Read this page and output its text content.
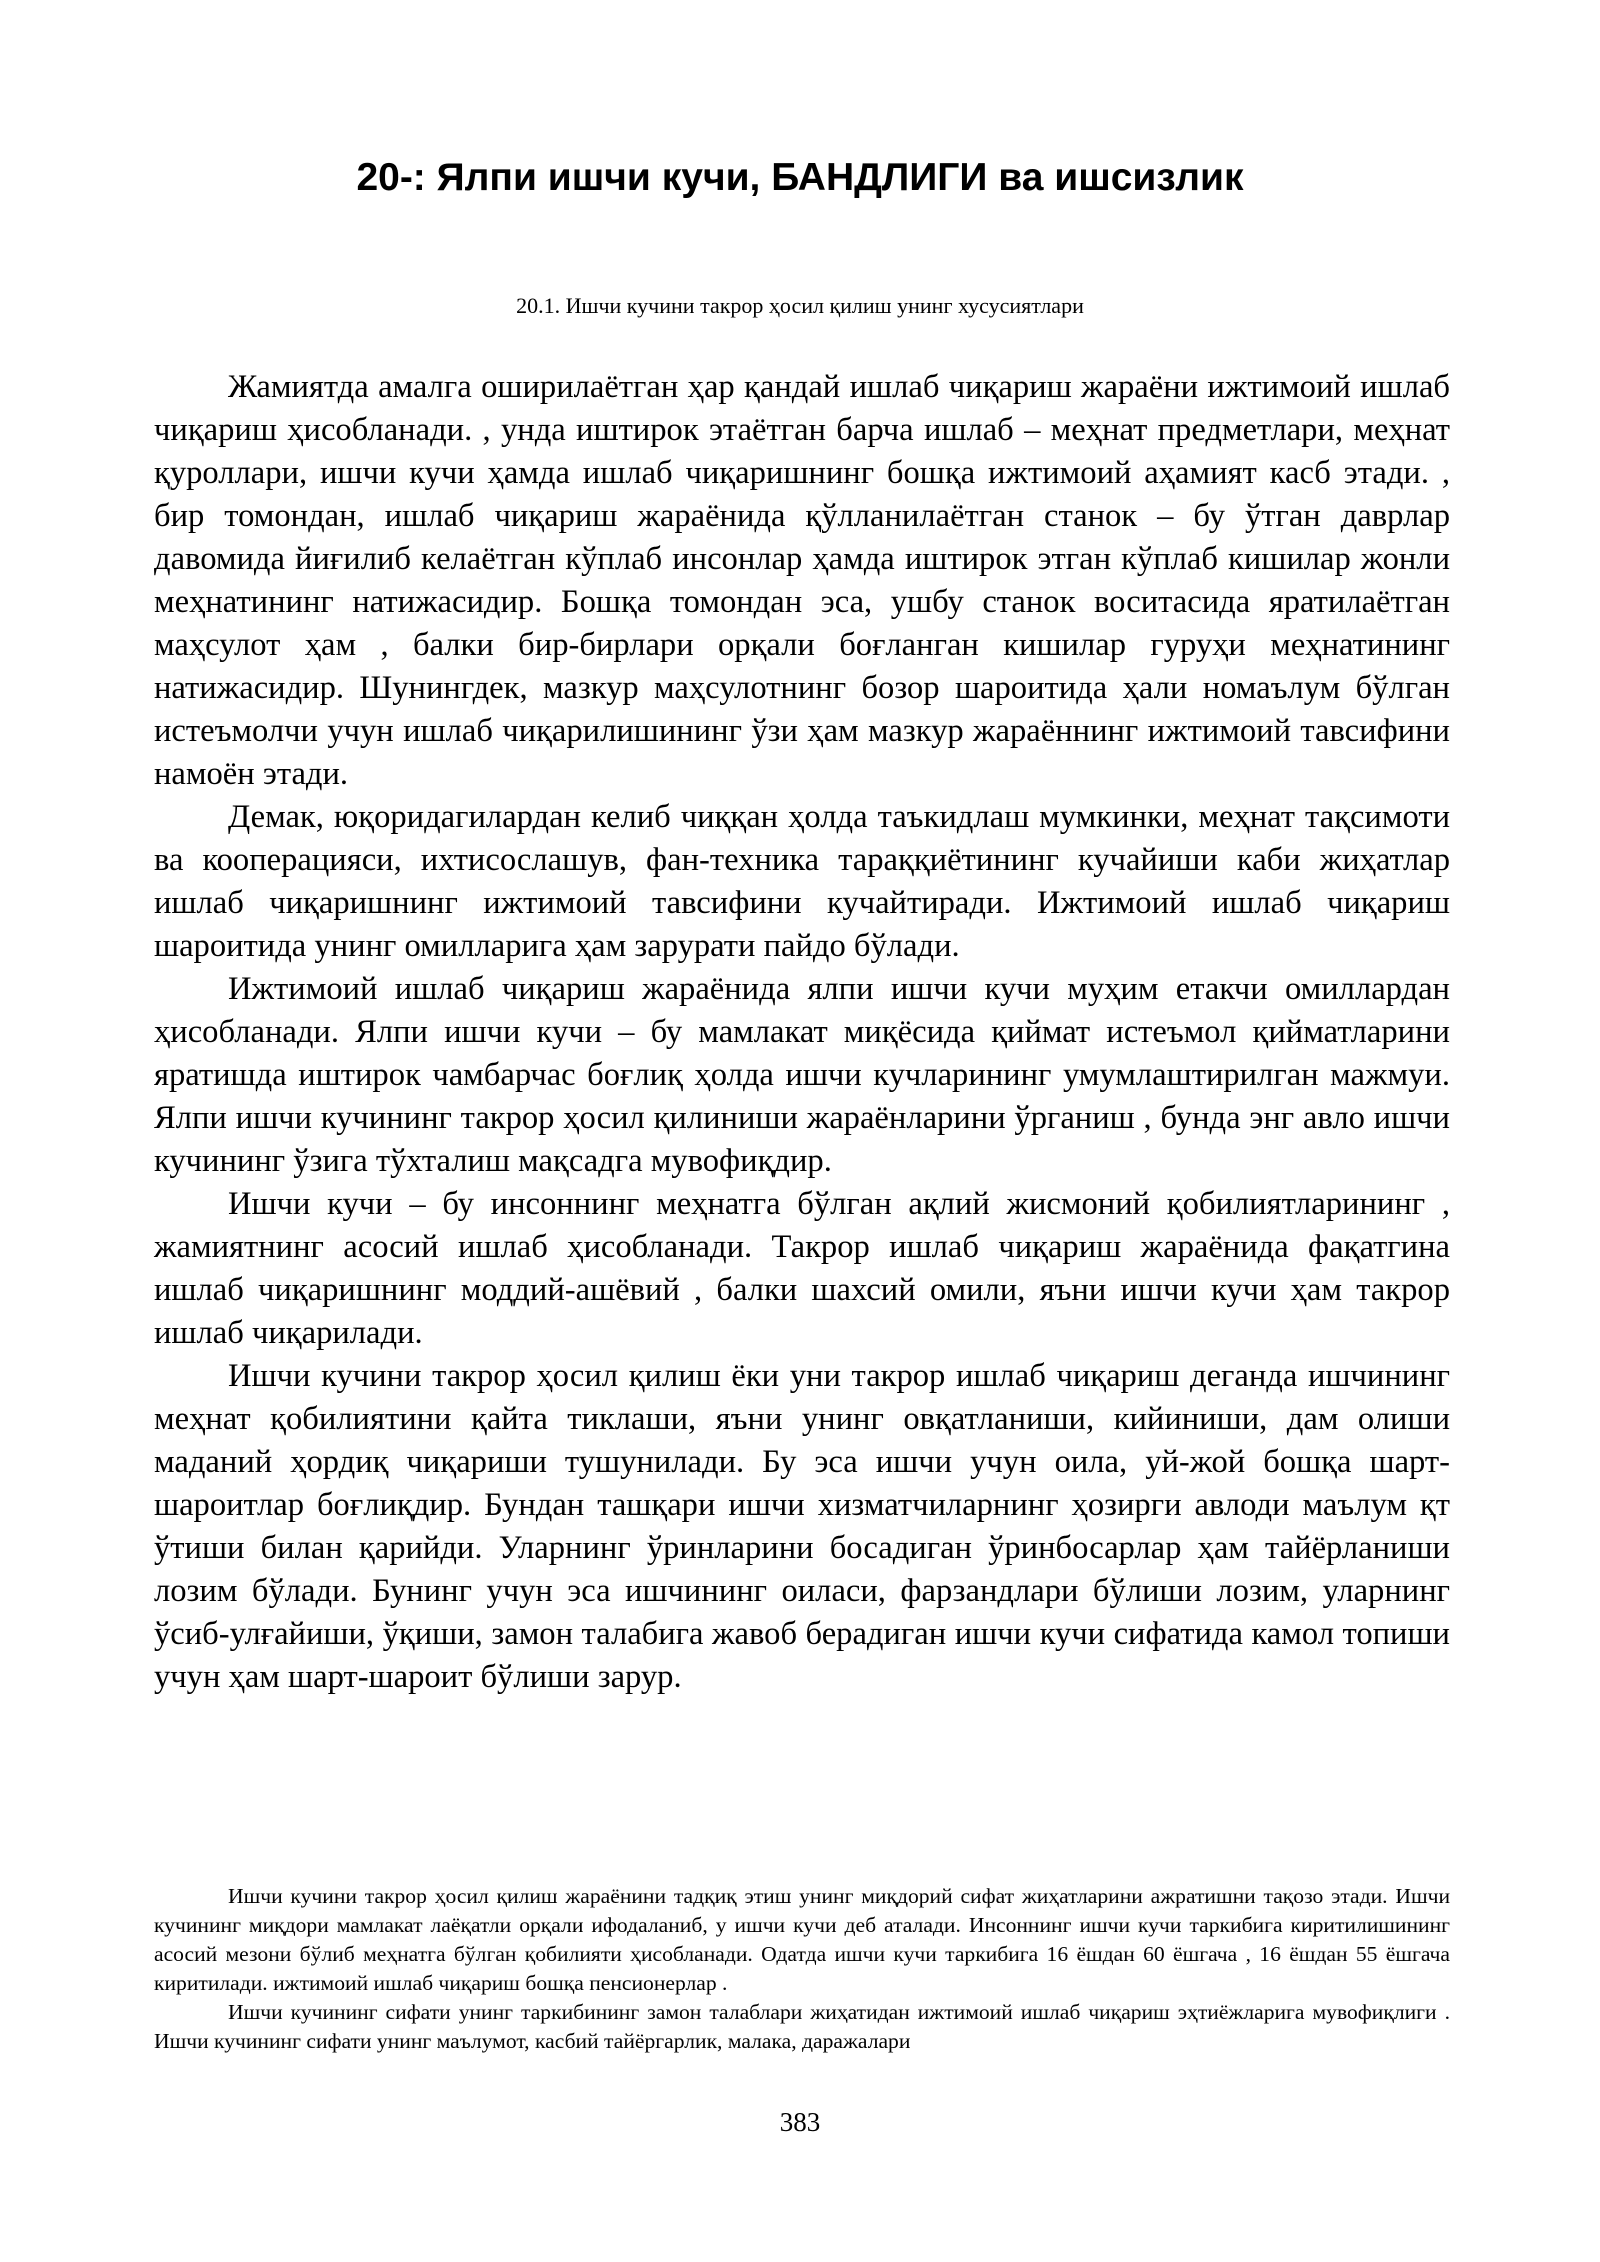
20-: Ялпи ишчи кучи, БАНДЛИГИ ва ишсизлик
20.1. Ишчи кучини такрор ҳосил қилиш унинг хусусиятлари

Жамиятда амалга оширилаётган ҳар қандай ишлаб чиқариш жараёни ижтимоий ишлаб чиқариш ҳисобланади. , унда иштирок этаётган барча ишлаб – меҳнат предметлари, меҳнат қуроллари, ишчи кучи ҳамда ишлаб чиқаришнинг бошқа ижтимоий аҳамият касб этади. , бир томондан, ишлаб чиқариш жараёнида қўлланилаётган станок – бу ўтган даврлар давомида йиғилиб келаётган кўплаб инсонлар ҳамда иштирок этган кўплаб кишилар жонли меҳнатининг натижасидир. Бошқа томондан эса, ушбу станок воситасида яратилаётган маҳсулот ҳам , балки бир-бирлари орқали боғланган кишилар гуруҳи меҳнатининг натижасидир. Шунингдек, мазкур маҳсулотнинг бозор шароитида ҳали номаълум бўлган истеъмолчи учун ишлаб чиқарилишининг ўзи ҳам мазкур жараённинг ижтимоий тавсифини намоён этади.

Демак, юқоридагилардан келиб чиққан ҳолда таъкидлаш мумкинки, меҳнат тақсимоти ва кооперацияси, ихтисослашув, фан-техника тараққиётининг кучайиши каби жиҳатлар ишлаб чиқаришнинг ижтимоий тавсифини кучайтиради. Ижтимоий ишлаб чиқариш шароитида унинг омилларига ҳам зарурати пайдо бўлади.

Ижтимоий ишлаб чиқариш жараёнида ялпи ишчи кучи муҳим етакчи омиллардан ҳисобланади. Ялпи ишчи кучи – бу мамлакат миқёсида қиймат истеъмол қийматларини яратишда иштирок чамбарчас боғлиқ ҳолда ишчи кучларининг умумлаштирилган мажмуи. Ялпи ишчи кучининг такрор ҳосил қилиниши жараёнларини ўрганиш , бунда энг авло ишчи кучининг ўзига тўхталиш мақсадга мувофиқдир.

Ишчи кучи – бу инсоннинг меҳнатга бўлган ақлий жисмоний қобилиятларининг , жамиятнинг асосий ишлаб ҳисобланади. Такрор ишлаб чиқариш жараёнида фақатгина ишлаб чиқаришнинг моддий-ашёвий , балки шахсий омили, яъни ишчи кучи ҳам такрор ишлаб чиқарилади.

Ишчи кучини такрор ҳосил қилиш ёки уни такрор ишлаб чиқариш деганда ишчининг меҳнат қобилиятини қайта тиклаши, яъни унинг овқатланиши, кийиниши, дам олиши маданий ҳордиқ чиқариши тушунилади. Бу эса ишчи учун оила, уй-жой бошқа шарт-шароитлар боғлиқдир. Бундан ташқари ишчи хизматчиларнинг ҳозирги авлоди маълум қт ўтиши билан қарийди. Уларнинг ўринларини босадиган ўринбосарлар ҳам тайёрланиши лозим бўлади. Бунинг учун эса ишчининг оиласи, фарзандлари бўлиши лозим, уларнинг ўсиб-улғайиши, ўқиши, замон талабига жавоб берадиган ишчи кучи сифатида камол топиши учун ҳам шарт-шароит бўлиши зарур.

Ишчи кучини такрор ҳосил қилиш жараёнини тадқиқ этиш унинг миқдорий сифат жиҳатларини ажратишни тақозо этади. Ишчи кучининг миқдори мамлакат лаёқатли орқали ифодаланиб, у ишчи кучи деб аталади. Инсоннинг ишчи кучи таркибига киритилишининг асосий мезони бўлиб меҳнатга бўлган қобилияти ҳисобланади. Одатда ишчи кучи таркибига 16 ёшдан 60 ёшгача , 16 ёшдан 55 ёшгача киритилади. ижтимоий ишлаб чиқариш бошқа пенсионерлар .

Ишчи кучининг сифати унинг таркибининг замон талаблари жиҳатидан ижтимоий ишлаб чиқариш эҳтиёжларига мувофиқлиги . Ишчи кучининг сифати унинг маълумот, касбий тайёргарлик, малака, даражалари

383
